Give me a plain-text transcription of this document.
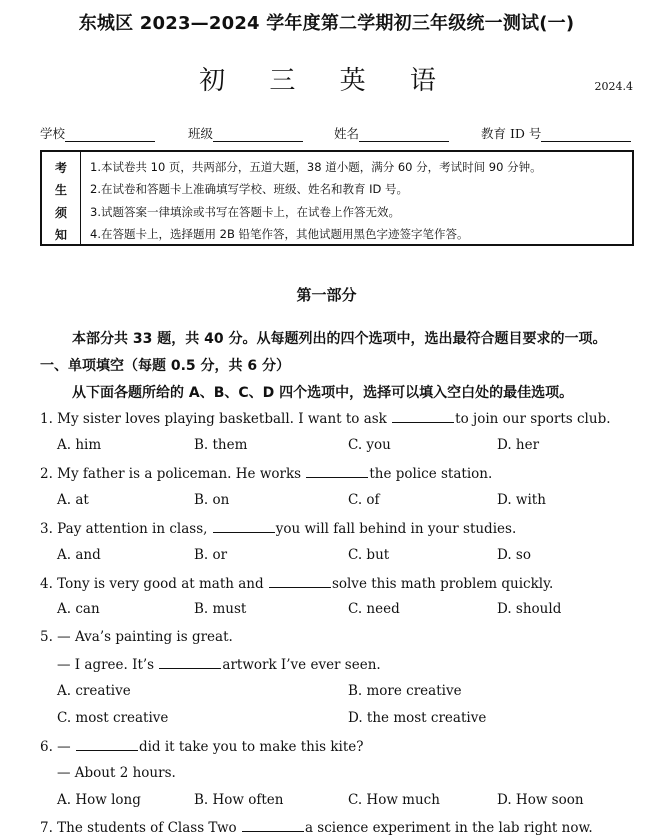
东城区 2023—2024 学年度第二学期初三年级统一测试(一)
初 三 英 语	2024.4
学校	班级	姓名	教育 ID 号
考
生
须
知
1.本试卷共 10 页，共两部分，五道大题，38 道小题，满分 60 分，考试时间 90 分钟。
2.在试卷和答题卡上准确填写学校、班级、姓名和教育 ID 号。
3.试题答案一律填涂或书写在答题卡上，在试卷上作答无效。
4.在答题卡上，选择题用 2B 铅笔作答，其他试题用黑色字迹签字笔作答。
第一部分
本部分共 33 题，共 40 分。从每题列出的四个选项中，选出最符合题目要求的一项。
一、单项填空（每题 0.5 分，共 6 分）
从下面各题所给的 A、B、C、D 四个选项中，选择可以填入空白处的最佳选项。
1. My sister loves playing basketball. I want to ask	to join our sports club.
A. him	B. them	C. you	D. her
2. My father is a policeman. He works	the police station.
A. at	B. on	C. of	D. with
3. Pay attention in class,	you will fall behind in your studies.
A. and	B. or	C. but	D. so
4. Tony is very good at math and	solve this math problem quickly.
A. can	B. must	C. need	D. should
5. — Ava’s painting is great.
— I agree. It’s	artwork I’ve ever seen.
A. creative	B. more creative
C. most creative	D. the most creative
6. —	did it take you to make this kite?
— About 2 hours.
A. How long	B. How often	C. How much	D. How soon
7. The students of Class Two	a science experiment in the lab right now.
